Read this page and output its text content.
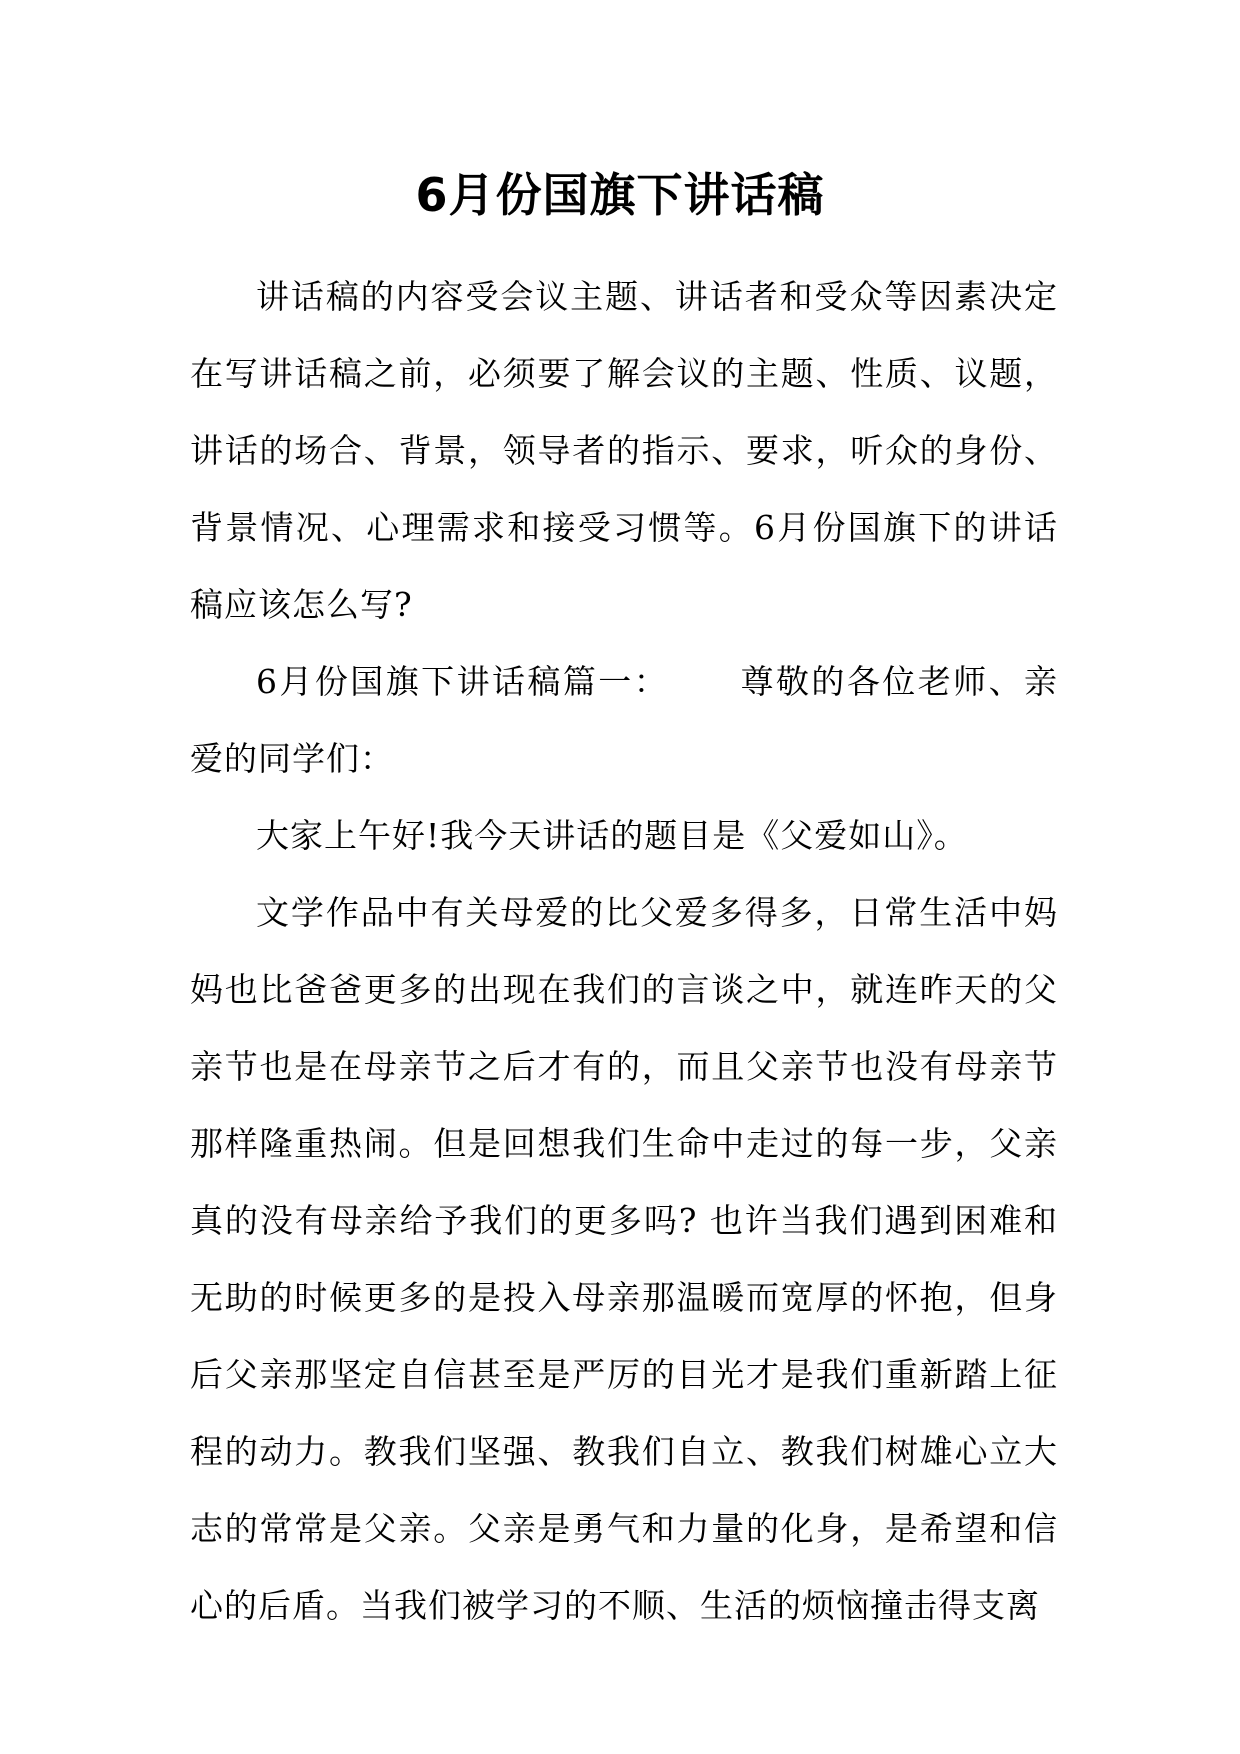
6月份国旗下讲话稿

讲话稿的内容受会议主题、讲话者和受众等因素决定在写讲话稿之前，必须要了解会议的主题、性质、议题，讲话的场合、背景，领导者的指示、要求，听众的身份、背景情况、心理需求和接受习惯等。6月份国旗下的讲话稿应该怎么写?

6月份国旗下讲话稿篇一： 尊敬的各位老师、亲爱的同学们：

大家上午好!我今天讲话的题目是《父爱如山》。

文学作品中有关母爱的比父爱多得多，日常生活中妈妈也比爸爸更多的出现在我们的言谈之中，就连昨天的父亲节也是在母亲节之后才有的，而且父亲节也没有母亲节那样隆重热闹。但是回想我们生命中走过的每一步，父亲真的没有母亲给予我们的更多吗? 也许当我们遇到困难和无助的时候更多的是投入母亲那温暖而宽厚的怀抱，但身后父亲那坚定自信甚至是严厉的目光才是我们重新踏上征程的动力。教我们坚强、教我们自立、教我们树雄心立大志的常常是父亲。父亲是勇气和力量的化身，是希望和信心的后盾。当我们被学习的不顺、生活的烦恼撞击得支离
